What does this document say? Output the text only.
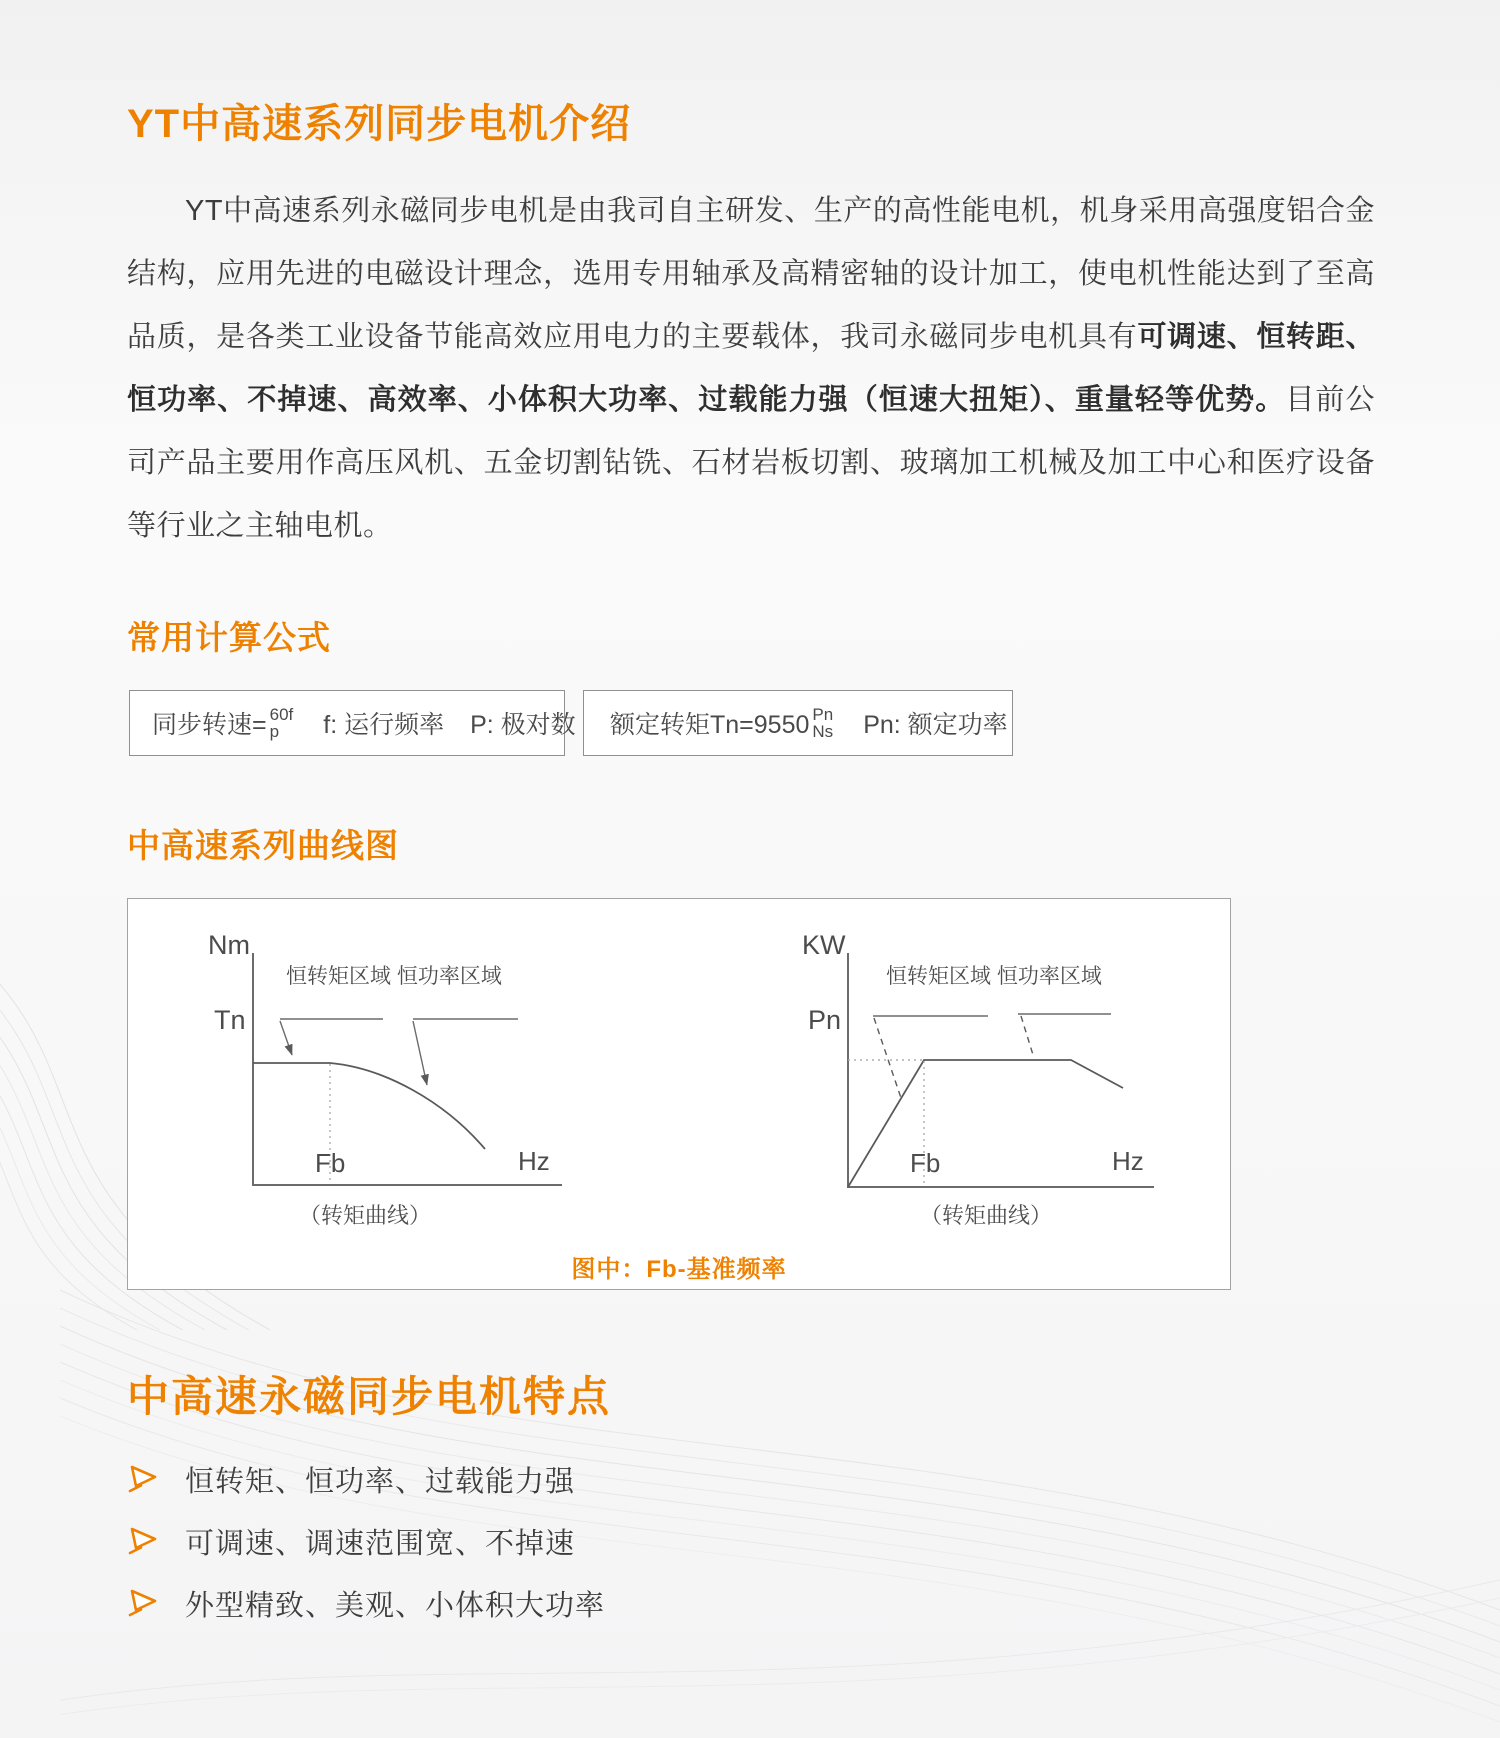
YT中高速系列同步电机介绍

YT中高速系列永磁同步电机是由我司自主研发、生产的高性能电机，机身采用高强度铝合金结构，应用先进的电磁设计理念，选用专用轴承及高精密轴的设计加工，使电机性能达到了至高品质，是各类工业设备节能高效应用电力的主要载体，我司永磁同步电机具有可调速、恒转距、恒功率、不掉速、高效率、小体积大功率、过载能力强（恒速大扭矩）、重量轻等优势。目前公司产品主要用作高压风机、五金切割钻铣、石材岩板切割、玻璃加工机械及加工中心和医疗设备等行业之主轴电机。

常用计算公式
同步转速= 60f
p f: 运行频率 P: 极对数 额定转矩Tn=9550 Pn
Ns Pn: 额定功率
中高速系列曲线图
Nm
恒转矩区域 恒功率区域
Tn
Fb	Hz
（转矩曲线）
KW
恒转矩区域 恒功率区域
Pn
Fb	Hz
（转矩曲线）
图中：Fb-基准频率
中高速永磁同步电机特点
恒转矩、恒功率、过载能力强
可调速、调速范围宽、不掉速
外型精致、美观、小体积大功率
